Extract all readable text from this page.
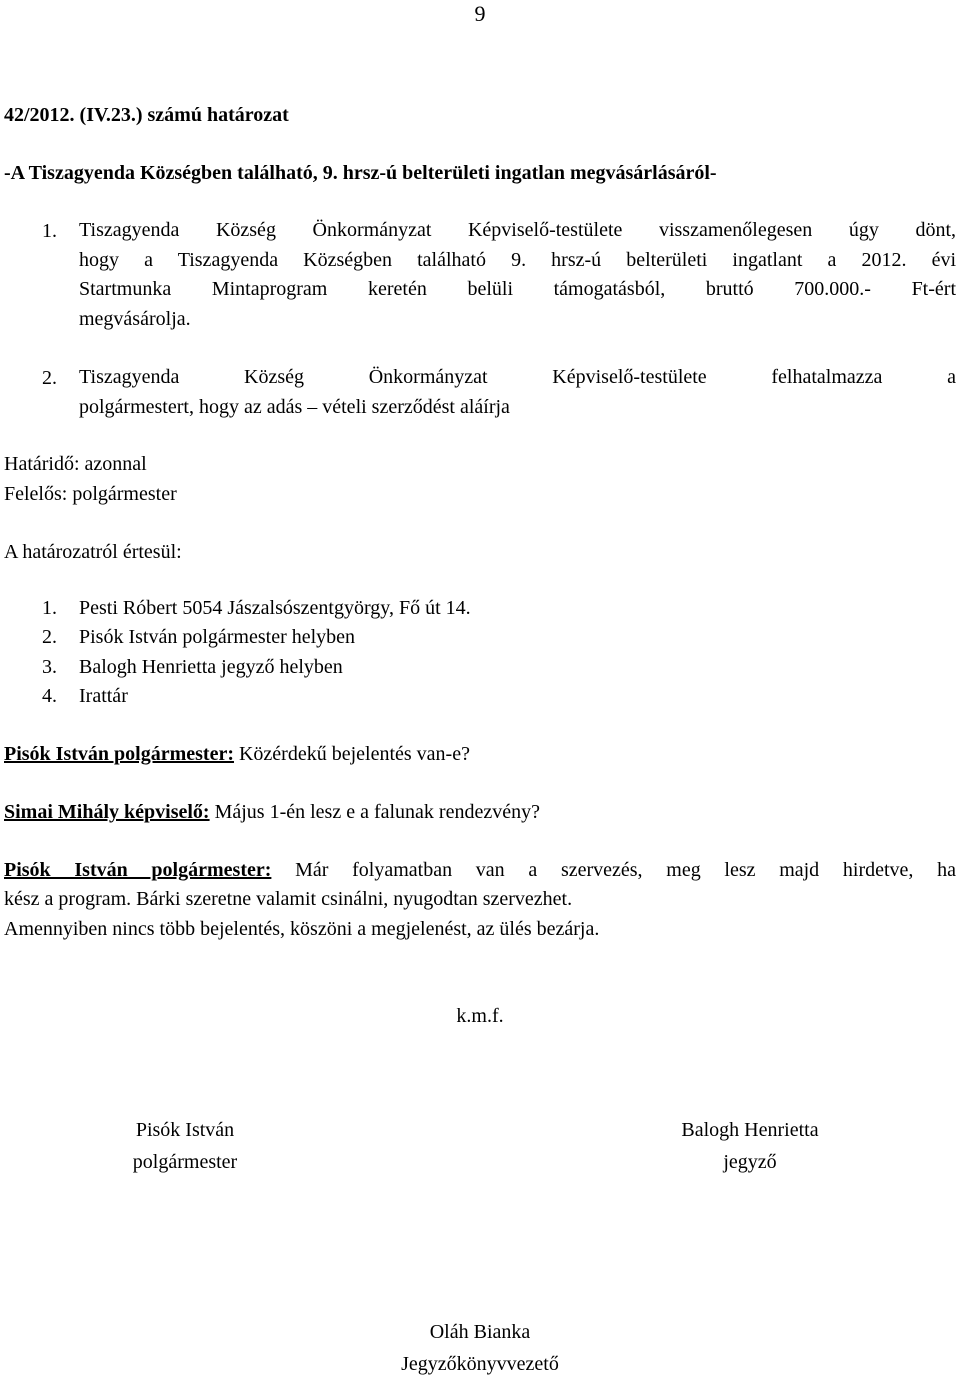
9
42/2012. (IV.23.) számú határozat
-A Tiszagyenda Községben található, 9. hrsz-ú belterületi ingatlan megvásárlásáról-
1. Tiszagyenda Község Önkormányzat Képviselő-testülete visszamenőlegesen úgy dönt,
hogy a Tiszagyenda Községben található 9. hrsz-ú belterületi ingatlant a 2012. évi
Startmunka Mintaprogram keretén belüli támogatásból, bruttó 700.000.- Ft-ért
megvásárolja.
2. Tiszagyenda Község Önkormányzat Képviselő-testülete felhatalmazza a
polgármestert, hogy az adás – vételi szerződést aláírja
Határidő: azonnal
Felelős: polgármester
A határozatról értesül:
1. Pesti Róbert 5054 Jászalsószentgyörgy, Fő út 14.
2. Pisók István polgármester helyben
3. Balogh Henrietta jegyző helyben
4. Irattár
Pisók István polgármester: Közérdekű bejelentés van-e?
Simai Mihály képviselő: Május 1-én lesz e a falunak rendezvény?
Pisók István polgármester: Már folyamatban van a szervezés, meg lesz majd hirdetve, ha
kész a program. Bárki szeretne valamit csinálni, nyugodtan szervezhet.
Amennyiben nincs több bejelentés, köszöni a megjelenést, az ülés bezárja.
k.m.f.
Pisók István
polgármester
Balogh Henrietta
jegyző
Oláh Bianka
Jegyzőkönyvvezető
